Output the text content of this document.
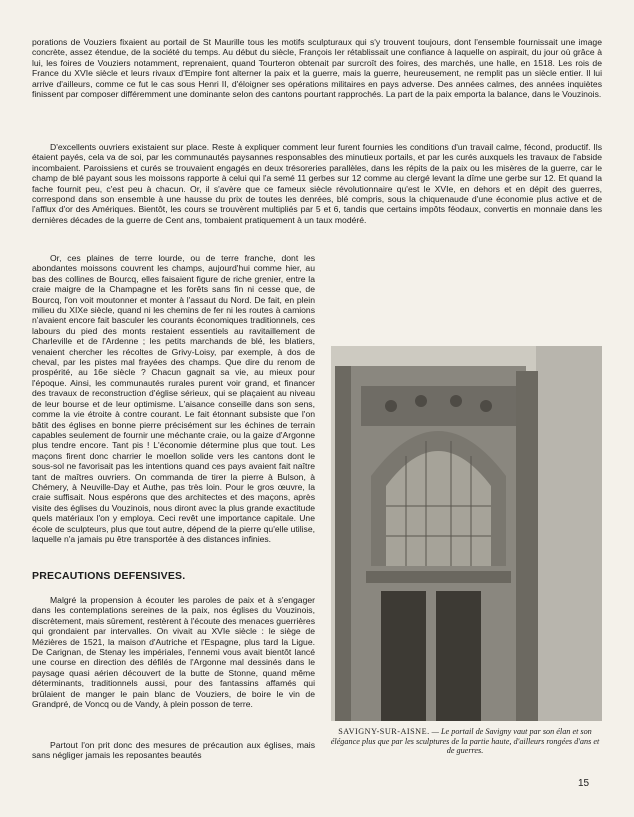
porations de Vouziers fixaient au portail de St Maurille tous les motifs sculpturaux qui s'y trouvent toujours, dont l'ensemble fournissait une image concrète, assez étendue, de la société du temps. Au début du siècle, François Ier rétablissait une confiance à laquelle on aspirait, du jour où grâce à lui, les foires de Vouziers notamment, reprenaient, quand Tourteron obtenait par surcroît des foires, des marchés, une halle, en 1518. Les rois de France du XVIe siècle et leurs rivaux d'Empire font alterner la paix et la guerre, mais la guerre, heureusement, ne remplit pas un siècle entier. Il lui arrive d'ailleurs, comme ce fut le cas sous Henri II, d'éloigner ses opérations militaires en pays adverse. Des années calmes, des années inquiètes finissent par composer différemment une dominante selon des cantons pourtant rapprochés. La part de la paix emporta la balance, dans le Vouzinois.

D'excellents ouvriers existaient sur place. Reste à expliquer comment leur furent fournies les conditions d'un travail calme, fécond, productif. Ils étaient payés, cela va de soi, par les communautés paysannes responsables des minutieux portails, et par les curés auxquels les travaux de l'abside incombaient. Paroissiens et curés se trouvaient engagés en deux trésoreries parallèles, dans les répits de la paix ou les misères de la guerre, car le champ de blé payant sous les moissons rapporte à celui qui l'a semé 11 gerbes sur 12 comme au clergé levant la dîme une gerbe sur 12. Et quand la fache fournit peu, c'est peu à chacun. Or, il s'avère que ce fameux siècle révolutionnaire qu'est le XVIe, en dehors et en dépit des guerres, correspond dans son ensemble à une hausse du prix de toutes les denrées, blé compris, sous la chiquenaude d'une économie plus active et de l'afflux d'or des Amériques. Bientôt, les cours se trouvèrent multipliés par 5 et 6, tandis que certains impôts féodaux, convertis en monnaie dans les dernières décades de la guerre de Cent ans, tombaient pratiquement à un taux modéré.

Or, ces plaines de terre lourde, ou de terre franche, dont les abondantes moissons couvrent les champs, aujourd'hui comme hier, au bas des collines de Bourcq, elles faisaient figure de riche grenier, entre la craie maigre de la Champagne et les forêts sans fin ni cesse que, de Bourcq, l'on voit moutonner et monter à l'assaut du Nord. De fait, en plein milieu du XIXe siècle, quand ni les chemins de fer ni les routes à camions n'avaient encore fait basculer les courants économiques traditionnels, ces labours du pied des monts restaient essentiels au ravitaillement de Charleville et de l'Ardenne ; les petits marchands de blé, les blatiers, venaient chercher les récoltes de Grivy-Loisy, par exemple, à dos de cheval, par les pistes mal frayées des champs. Que dire du renom de prospérité, au 16e siècle ? Chacun gagnait sa vie, au mieux pour l'époque. Ainsi, les communautés rurales purent voir grand, et financer des travaux de reconstruction d'église sérieux, qui se plaçaient au niveau de leur bourse et de leur optimisme. L'aisance conseille dans son sens, comme la vie étroite à contre courant. Le fait étonnant subsiste que l'on bâtit des églises en bonne pierre précisément sur les échines de terrain capables seulement de fournir une méchante craie, ou la gaize d'Argonne plus tendre encore. Tant pis ! L'économie détermine plus que tout. Les maçons firent donc charrier le moellon solide vers les cantons dont le sous-sol ne favorisait pas les intentions quand ces pays avaient fait naître tant de maîtres ouvriers. On commanda de tirer la pierre à Bulson, à Chémery, à Neuville-Day et Authe, pas très loin. Pour le gros œuvre, la craie suffisait. Nous espérons que des architectes et des maçons, après visite des églises du Vouzinois, nous diront avec la plus grande exactitude quels matériaux l'on y employa. Ceci revêt une importance capitale. Une école de sculpteurs, plus que tout autre, dépend de la pierre qu'elle utilise, laquelle n'a jamais pu être transportée à des distances infinies.

SAVIGNY-SUR-AISNE. — Le portail de Savigny vaut par son élan et son élégance plus que par les sculptures de la partie haute, d'ailleurs rongées d'ans et de guerres.

PRECAUTIONS DEFENSIVES.

Malgré la propension à écouter les paroles de paix et à s'engager dans les contemplations sereines de la paix, nos églises du Vouzinois, discrètement, mais sûrement, restèrent à l'écoute des menaces guerrières qui grondaient par intervalles. On vivait au XVIe siècle : le siège de Mézières de 1521, la maison d'Autriche et l'Espagne, plus tard la Ligue. De Carignan, de Stenay les impériales, l'ennemi vous avait bientôt lancé une course en direction des défilés de l'Argonne mal dessinés dans le paysage quasi aérien découvert de la butte de Stonne, quand même déterminants, traditionnels aussi, pour des fantassins affamés qui brûlaient de manger le pain blanc de Vouziers, de boire le vin de Grandpré, de Voncq ou de Vandy, à plein posson de terre.

Partout l'on prit donc des mesures de précaution aux églises, mais sans négliger jamais les reposantes beautés

15
